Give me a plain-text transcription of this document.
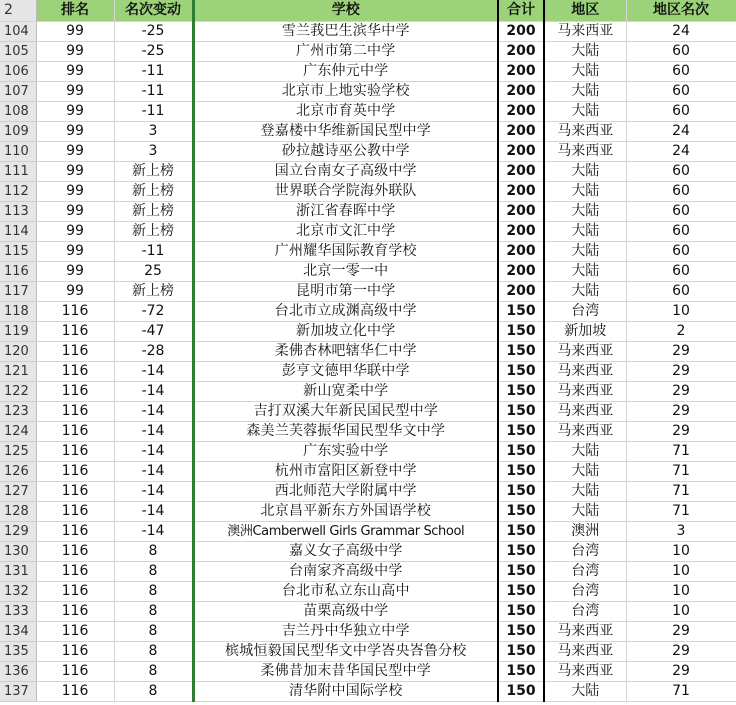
2	排名	名次变动	学校	合计	地区	地区名次
104	99	-25	雪兰莪巴生滨华中学	200	马来西亚	24
105	99	-25	广州市第二中学	200	大陆	60
106	99	-11	广东仲元中学	200	大陆	60
107	99	-11	北京市上地实验学校	200	大陆	60
108	99	-11	北京市育英中学	200	大陆	60
109	99	3	登嘉楼中华维新国民型中学	200	马来西亚	24
110	99	3	砂拉越诗巫公教中学	200	马来西亚	24
111	99	新上榜	国立台南女子高级中学	200	大陆	60
112	99	新上榜	世界联合学院海外联队	200	大陆	60
113	99	新上榜	浙江省春晖中学	200	大陆	60
114	99	新上榜	北京市文汇中学	200	大陆	60
115	99	-11	广州耀华国际教育学校	200	大陆	60
116	99	25	北京一零一中	200	大陆	60
117	99	新上榜	昆明市第一中学	200	大陆	60
118	116	-72	台北市立成渊高级中学	150	台湾	10
119	116	-47	新加坡立化中学	150	新加坡	2
120	116	-28	柔佛杏林吧辖华仁中学	150	马来西亚	29
121	116	-14	彭亨文德甲华联中学	150	马来西亚	29
122	116	-14	新山宽柔中学	150	马来西亚	29
123	116	-14	吉打双溪大年新民国民型中学	150	马来西亚	29
124	116	-14	森美兰芙蓉振华国民型华文中学	150	马来西亚	29
125	116	-14	广东实验中学	150	大陆	71
126	116	-14	杭州市富阳区新登中学	150	大陆	71
127	116	-14	西北师范大学附属中学	150	大陆	71
128	116	-14	北京昌平新东方外国语学校	150	大陆	71
129	116	-14	澳洲Camberwell Girls Grammar School	150	澳洲	3
130	116	8	嘉义女子高级中学	150	台湾	10
131	116	8	台南家齐高级中学	150	台湾	10
132	116	8	台北市私立东山高中	150	台湾	10
133	116	8	苗栗高级中学	150	台湾	10
134	116	8	吉兰丹中华独立中学	150	马来西亚	29
135	116	8	槟城恒毅国民型华文中学峇央峇鲁分校	150	马来西亚	29
136	116	8	柔佛昔加末昔华国民型中学	150	马来西亚	29
137	116	8	清华附中国际学校	150	大陆	71
